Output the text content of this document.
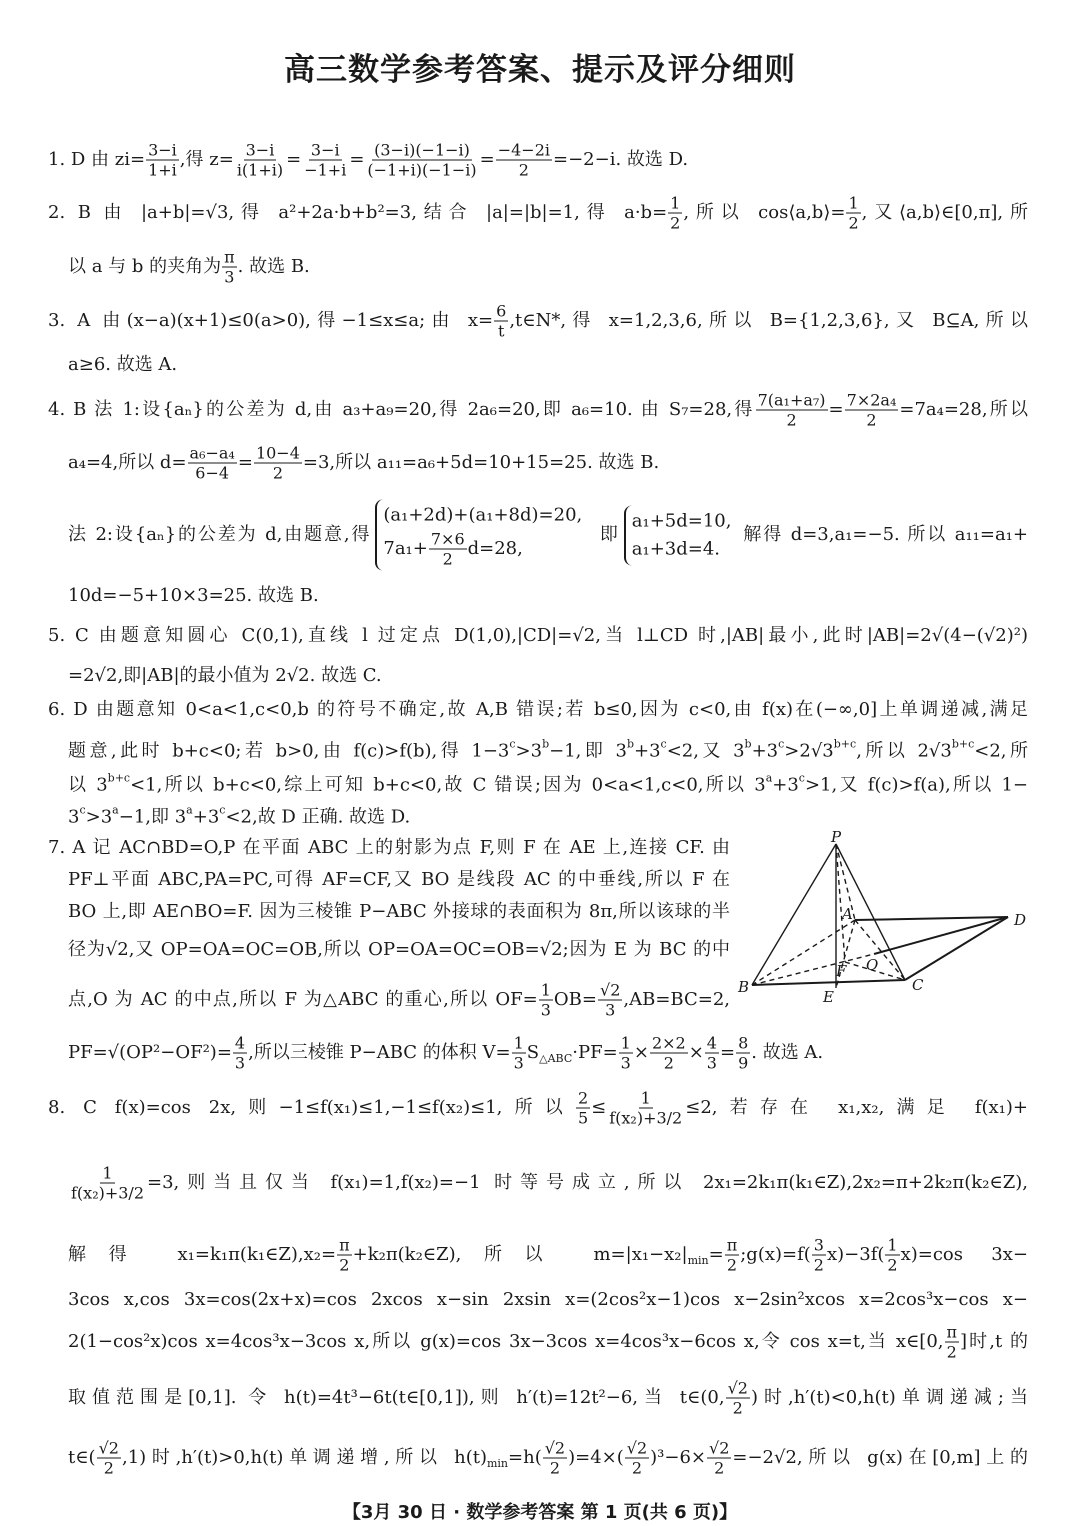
高三数学参考答案、提示及评分细则
1. D 由 $zi= \frac{3-i}{1+i}$ ,得 $z= \frac{3-i}{i(1+i)} = \frac{3-i}{-1+i} = \frac{(3-i)(-1-i)}{(-1+i)(-1-i)} = \frac{-4-2i}{2} =-2-i$. 故选 D.
2. B 由 |a+b|=√3,得 a²+2a·b+b²=3,结合 |a|=|b|=1,得 $a\cdot b= \frac{1}{2}$ ,所以 cos⟨a,b⟩= $\frac{1}{2}$ ,又⟨a,b⟩∈[0,π],所
以 a 与 b 的夹角为 $\frac{\pi}{3}$ . 故选 B.
3. A 由(x−a)(x+1)≤0(a>0),得−1≤x≤a;由 $x= \frac{6}{t}$ ,t∈N*,得 x=1,2,3,6,所以 B={1,2,3,6},又 B⊆A,所以
a≥6. 故选 A.
4. B 法 1:设{aₙ}的公差为 d,由 a₃+a₉=20,得 2a₆=20,即 a₆=10. 由 S₇=28,得 $\frac{\text{7(a₁+a₇)}}{2} = \frac{\text{7×2a₄}}{2} =7a_4=28$,所以
a₄=4,所以 $d= \frac{\text{a₆−a₄}}{6-4} = \frac{10-4}{2} =3$,所以 a₁₁=a₆+5d=10+15=25. 故选 B.
法 2:设{aₙ}的公差为 d,由题意,得
(a₁+2d)+(a₁+8d)=20,
$7a_1+ \frac{7\times 6}{2} d=28$,
即
a₁+5d=10,
a₁+3d=4.
解得 d=3,a₁=−5. 所以 a₁₁=a₁+
10d=−5+10×3=25. 故选 B.
5. C 由题意知圆心 C(0,1),直线 l 过定点 D(1,0),|CD|=√2,当 l⊥CD 时,|AB|最小,此时|AB|=2√(4−(√2)²)
=2√2,即|AB|的最小值为 2√2. 故选 C.
6. D 由题意知 0<a<1,c<0,b 的符号不确定,故 A,B 错误;若 b≤0,因为 c<0,由 f(x)在(−∞,0]上单调递减,满足
题意,此时 b+c<0;若 b>0,由 f(c)>f(b),得 $1-3^c>3^b-1$,即 $3^b+3^c<2$,又 $3^b+3^c>2√3^{b+c}$,所以 $2√3^{b+c}<2$,所
以 $3^{b+c}<1$,所以 b+c<0,综上可知 b+c<0,故 C 错误;因为 0<a<1,c<0,所以 $3^a+3^c>1$,又 f(c)>f(a),所以 1−
$3^c>3^a-1$,即 $3^a+3^c<2$,故 D 正确. 故选 D.
7. A 记 AC∩BD=O,P 在平面 ABC 上的射影为点 F,则 F 在 AE 上,连接 CF. 由
PF⊥平面 ABC,PA=PC,可得 AF=CF,又 BO 是线段 AC 的中垂线,所以 F 在
BO 上,即 AE∩BO=F. 因为三棱锥 P−ABC 外接球的表面积为 8π,所以该球的半
径为√2,又 OP=OA=OC=OB,所以 OP=OA=OC=OB=√2;因为 E 为 BC 的中
点,O 为 AC 的中点,所以 F 为△ABC 的重心,所以 $OF= \frac{1}{3} OB= \frac{√2}{3} ,AB=BC=2$,
$PF=√(OP^2-OF^2)= \frac{4}{3}$ ,所以三棱锥 P−ABC 的体积 $V= \frac{1}{3} S_{\triangle ABC}\cdot PF= \frac{1}{3} \times \frac{2\times 2}{2} \times \frac{4}{3} = \frac{8}{9}$ . 故选 A.
8. C f(x)=cos 2x,则−1≤f(x₁)≤1,−1≤f(x₂)≤1,所以 $\frac{2}{5} \le \frac{1}{\text{f(x₂)+3/2}} \le 2$,若存在 x₁,x₂,满足 f(x₁)+
$\frac{1}{\text{f(x₂)+3/2}} =3$,则当且仅当 f(x₁)=1,f(x₂)=−1 时等号成立,所以 2x₁=2k₁π(k₁∈Z),2x₂=π+2k₂π(k₂∈Z),
解得 x₁=k₁π(k₁∈Z),x₂= $\frac{\pi}{2}$ +k₂π(k₂∈Z),所以 $m=|x_1-x_2|_{min}= \frac{\pi}{2}$ ;g(x)=f( $\frac{3}{2} x)-3f( \frac{1}{2} x)=\cos$ 3x−
3cos x,cos 3x=cos(2x+x)=cos 2xcos x−sin 2xsin x=(2cos²x−1)cos x−2sin²xcos x=2cos³x−cos x−
2(1−cos²x)cos x=4cos³x−3cos x,所以 g(x)=cos 3x−3cos x=4cos³x−6cos x,令 cos x=t,当 x∈[0, $\frac{\pi}{2}$ ]时,t 的
取值范围是[0,1]. 令 h(t)=4t³−6t(t∈[0,1]),则 h′(t)=12t²−6,当 t∈(0, $\frac{√2}{2}$ )时,h′(t)<0,h(t)单调递减;当
t∈( $\frac{√2}{2} ,1$)时,h′(t)>0,h(t)单调递增,所以 $h(t)_{min}=h( \frac{√2}{2} )=4\times( \frac{√2}{2} )^3-6\times \frac{√2}{2} =-2√2$,所以 g(x)在[0,m]上的
P
A
B	C
D
E
F O
【3月 30 日 · 数学参考答案 第 1 页(共 6 页)】
